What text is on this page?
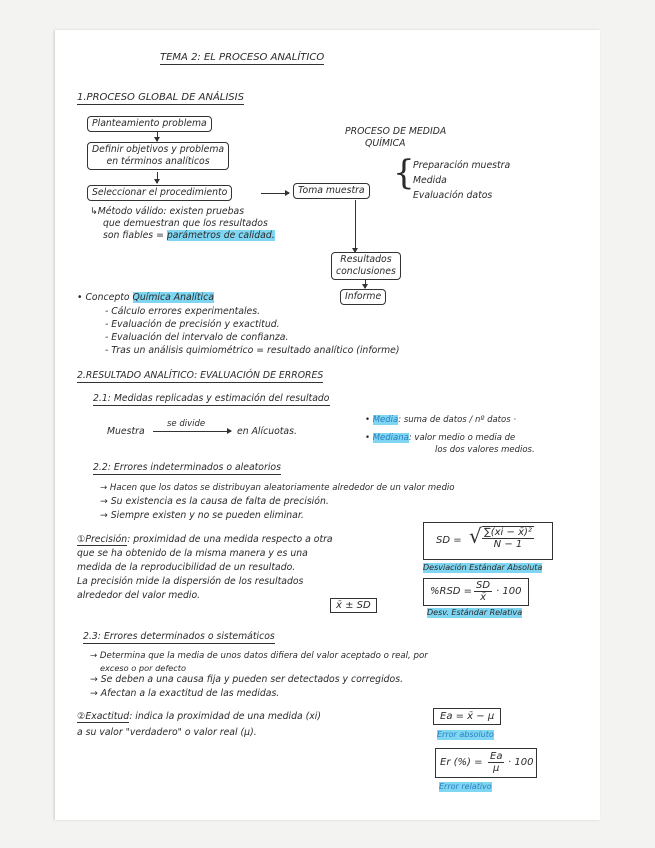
TEMA 2: EL PROCESO ANALÍTICO
1.PROCESO GLOBAL DE ANÁLISIS
Planteamiento problema
Definir objetivos y problema
en términos analíticos
Seleccionar el procedimiento	Toma muestra
Resultados
conclusiones
Informe
PROCESO DE MEDIDA
QUÍMICA
{
Preparación muestra
Medida
Evaluación datos
↳Método válido: existen pruebas
que demuestran que los resultados
son fiables = parámetros de calidad.
• Concepto Química Analítica
- Cálculo errores experimentales.
- Evaluación de precisión y exactitud.
- Evaluación del intervalo de confianza.
- Tras un análisis quimiométrico = resultado analítico (informe)
2.RESULTADO ANALÍTICO: EVALUACIÓN DE ERRORES
2.1: Medidas replicadas y estimación del resultado
Muestra
se divide
en Alícuotas.
• Media: suma de datos / nº datos ·
• Mediana: valor medio o media de
los dos valores medios.
2.2: Errores indeterminados o aleatorios
→ Hacen que los datos se distribuyan aleatoriamente alrededor de un valor medio
→ Su existencia es la causa de falta de precisión.
→ Siempre existen y no se pueden eliminar.
①Precisión: proximidad de una medida respecto a otra
que se ha obtenido de la misma manera y es una
medida de la reproducibilidad de un resultado.
La precisión mide la dispersión de los resultados
alrededor del valor medio.
SD = √ $\frac{\text{∑(xi − x̄)²}}{N - 1}$
Desviación Estándar Absoluta
x̄ ± SD
$\%RSD = \frac{SD}{x̄} \cdot 100$
Desv. Estándar Relativa
2.3: Errores determinados o sistemáticos
→ Determina que la media de unos datos difiera del valor aceptado o real, por
exceso o por defecto
→ Se deben a una causa fija y pueden ser detectados y corregidos.
→ Afectan a la exactitud de las medidas.
②Exactitud: indica la proximidad de una medida (xi)
a su valor "verdadero" o valor real (μ).
Ea = x̄ − μ
Error absoluto
Er (%) = $\frac{Ea}{\mu} \cdot 100$
Error relativo
